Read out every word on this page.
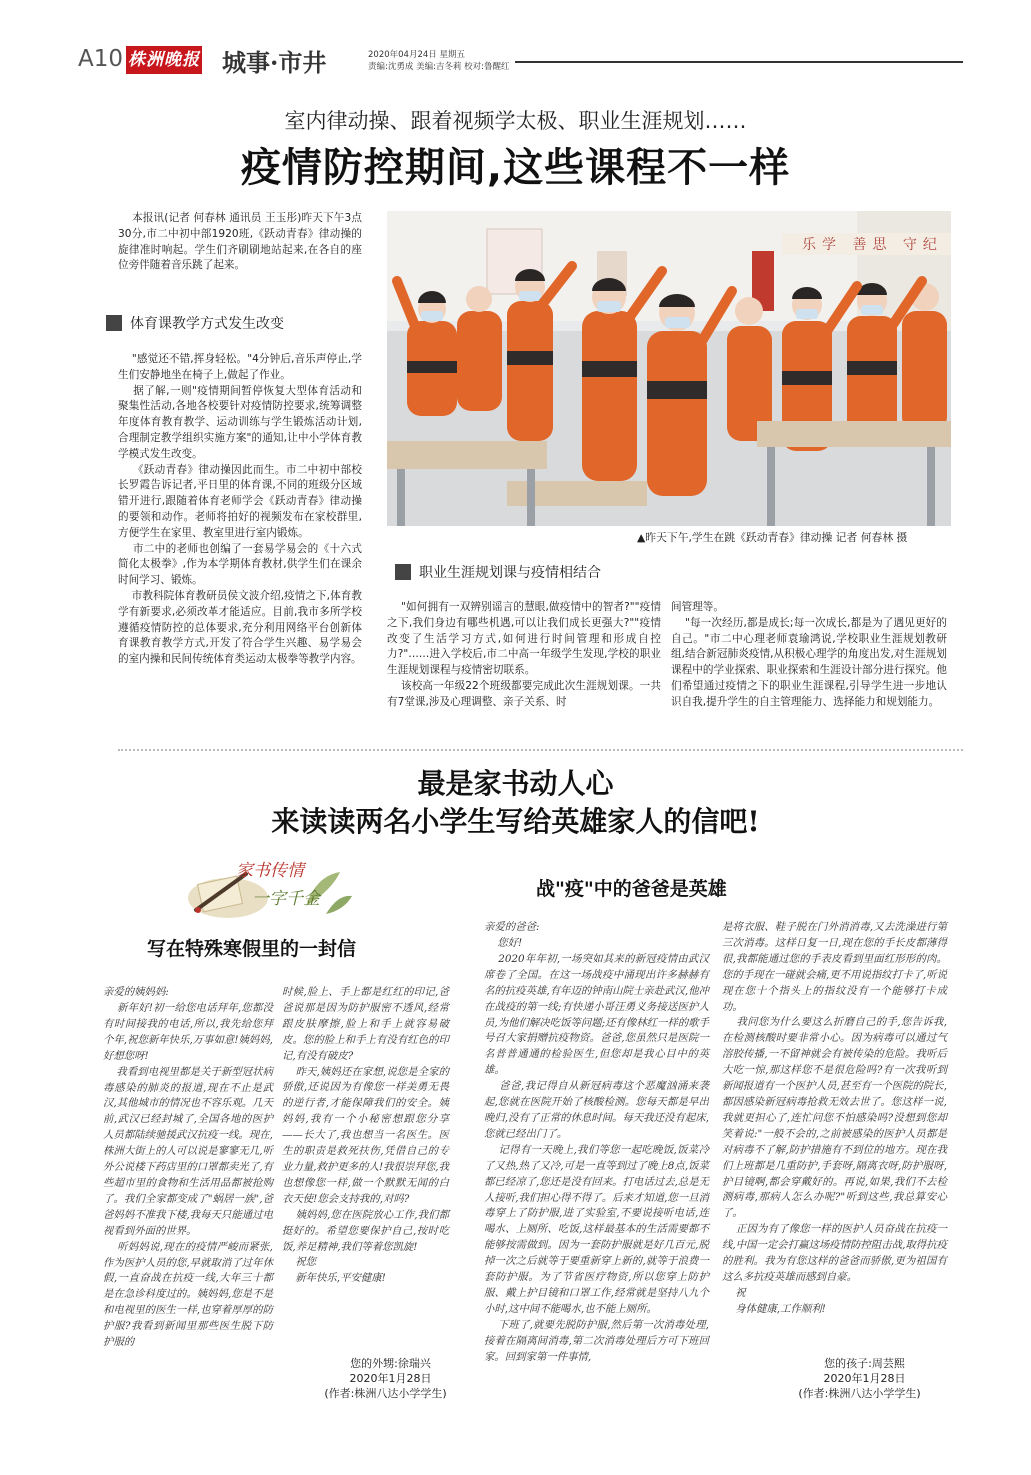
A10 株洲晚报 城事·市井	2020年04月24日 星期五
责编:沈勇成 美编:吉冬莉 校对:鲁醒红
室内律动操、跟着视频学太极、职业生涯规划……
疫情防控期间,这些课程不一样
本报讯(记者 何春林 通讯员 王玉彤)昨天下午3点30分,市二中初中部1920班,《跃动青春》律动操的旋律准时响起。学生们齐刷刷地站起来,在各自的座位旁伴随着音乐跳了起来。
体育课教学方式发生改变
"感觉还不错,挥身轻松。"4分钟后,音乐声停止,学生们安静地坐在椅子上,做起了作业。
据了解,一则"疫情期间暂停恢复大型体育活动和聚集性活动,各地各校要针对疫情防控要求,统筹调整年度体育教育教学、运动训练与学生锻炼活动计划,合理制定教学组织实施方案"的通知,让中小学体育教学模式发生改变。
《跃动青春》律动操因此而生。市二中初中部校长罗霞告诉记者,平日里的体育课,不同的班级分区域错开进行,跟随着体育老师学会《跃动青春》律动操的要领和动作。老师将拍好的视频发布在家校群里,方便学生在家里、教室里进行室内锻炼。
市二中的老师也创编了一套易学易会的《十六式简化太极拳》,作为本学期体育教材,供学生们在课余时间学习、锻炼。
市教科院体育教研员侯文波介绍,疫情之下,体育教学有新要求,必须改革才能适应。目前,我市多所学校遵循疫情防控的总体要求,充分利用网络平台创新体育课教育教学方式,开发了符合学生兴趣、易学易会的室内操和民间传统体育类运动太极拳等教学内容。
乐学 善思 守纪
▲昨天下午,学生在跳《跃动青春》律动操 记者 何春林 摄
职业生涯规划课与疫情相结合
"如何拥有一双辨别谣言的慧眼,做疫情中的智者?""疫情之下,我们身边有哪些机遇,可以让我们成长更强大?""疫情改变了生活学习方式,如何进行时间管理和形成自控力?"……进入学校后,市二中高一年级学生发现,学校的职业生涯规划课程与疫情密切联系。
该校高一年级22个班级都要完成此次生涯规划课。一共有7堂课,涉及心理调整、亲子关系、时
间管理等。
"每一次经历,都是成长;每一次成长,都是为了遇见更好的自己。"市二中心理老师袁瑜鸿说,学校职业生涯规划教研组,结合新冠肺炎疫情,从积极心理学的角度出发,对生涯规划课程中的学业探索、职业探索和生涯设计部分进行探究。他们希望通过疫情之下的职业生涯课程,引导学生进一步地认识自我,提升学生的自主管理能力、选择能力和规划能力。
最是家书动人心
来读读两名小学生写给英雄家人的信吧!
家书传情
一字千金	战"疫"中的爸爸是英雄
写在特殊寒假里的一封信
亲爱的姨妈妈:
新年好!初一给您电话拜年,您都没有时间接我的电话,所以,我先给您拜个年,祝您新年快乐,万事如意!姨妈妈,好想您呀!
我看到电视里都是关于新型冠状病毒感染的肺炎的报道,现在不止是武汉,其他城市的情况也不容乐观。几天前,武汉已经封城了,全国各地的医护人员都陆续驰援武汉抗疫一线。现在,株洲大街上的人可以说是寥寥无几,听外公说楼下药店里的口罩都卖光了,有些超市里的食物和生活用品都被抢购了。我们全家都变成了"蜗居一族",爸爸妈妈不准我下楼,我每天只能通过电视看到外面的世界。
听妈妈说,现在的疫情严峻而紧张,作为医护人员的您,早就取消了过年休假,一直奋战在抗疫一线,大年三十都是在急诊科度过的。姨妈妈,您是不是和电视里的医生一样,也穿着厚厚的防护服?我看到新闻里那些医生脱下防护服的
时候,脸上、手上都是红红的印记,爸爸说那是因为防护服密不透风,经常跟皮肤摩擦,脸上和手上就容易破皮。您的脸上和手上有没有红色的印记,有没有破皮?
昨天,姨妈还在家想,说您是全家的骄傲,还说因为有像您一样美勇无畏的逆行者,才能保障我们的安全。姨妈妈,我有一个小秘密想跟您分享——长大了,我也想当一名医生。医生的职责是救死扶伤,凭借自己的专业力量,救护更多的人!我很崇拜您,我也想像您一样,做一个默默无闻的白衣天使!您会支持我的,对吗?
姨妈妈,您在医院放心工作,我们都挺好的。希望您要保护自己,按时吃饭,养足精神,我们等着您凯旋!
祝您
新年快乐,平安健康!
您的外甥:徐瑞兴
2020年1月28日
(作者:株洲八达小学学生)
亲爱的爸爸:
您好!
2020年年初,一场突如其来的新冠疫情由武汉席卷了全国。在这一场战疫中涌现出许多赫赫有名的抗疫英雄,有年迈的钟南山院士亲赴武汉,他冲在战疫的第一线;有快递小哥汪勇义务接送医护人员,为他们解决吃饭等问题;还有像林红一样的歌手号召大家捐赠抗疫物资。爸爸,您虽然只是医院一名普普通通的检验医生,但您却是我心目中的英雄。
爸爸,我记得自从新冠病毒这个恶魔汹涌来袭起,您就在医院开始了核酸检测。您每天都是早出晚归,没有了正常的休息时间。每天我还没有起床,您就已经出门了。
记得有一天晚上,我们等您一起吃晚饭,饭菜冷了又热,热了又冷,可是一直等到过了晚上8点,饭菜都已经凉了,您还是没有回来。打电话过去,总是无人接听,我们担心得不得了。后来才知道,您一旦消毒穿上了防护服,进了实验室,不要说接听电话,连喝水、上厕所、吃饭,这样最基本的生活需要都不能够按需做到。因为一套防护服就是好几百元,脱掉一次之后就等于要重新穿上新的,就等于浪费一套防护服。为了节省医疗物资,所以您穿上防护服、戴上护目镜和口罩工作,经常就是坚持八九个小时,这中间不能喝水,也不能上厕所。
下班了,就要先脱防护服,然后第一次消毒处理,接着在隔离间消毒,第二次消毒处理后方可下班回家。回到家第一件事情,
是将衣服、鞋子脱在门外消消毒,又去洗澡进行第三次消毒。这样日复一日,现在您的手长皮都薄得很,我都能通过您的手表皮看到里面红形形的肉。您的手现在一碰就会痛,更不用说指纹打卡了,听说现在您十个指头上的指纹没有一个能够打卡成功。
我问您为什么要这么折磨自己的手,您告诉我,在检测核酸时要非常小心。因为病毒可以通过气溶胶传播,一不留神就会有被传染的危险。我听后大吃一惊,那这样您不是很危险吗?有一次我听到新闻报道有一个医护人员,甚至有一个医院的院长,都因感染新冠病毒抢救无效去世了。您这样一说,我就更担心了,连忙问您不怕感染吗?没想到您却笑着说:"一般不会的,之前被感染的医护人员都是对病毒不了解,防护措施有不到位的地方。现在我们上班都是几重防护,手套呀,隔离衣呀,防护服呀,护目镜啊,都会穿戴好的。再说,如果,我们不去检测病毒,那病人怎么办呢?"听到这些,我总算安心了。
正因为有了像您一样的医护人员奋战在抗疫一线,中国一定会打赢这场疫情防控阻击战,取得抗疫的胜利。我为有您这样的爸爸而骄傲,更为祖国有这么多抗疫英雄而感到自豪。
祝
身体健康,工作顺利!
您的孩子:周芸熙
2020年1月28日
(作者:株洲八达小学学生)
